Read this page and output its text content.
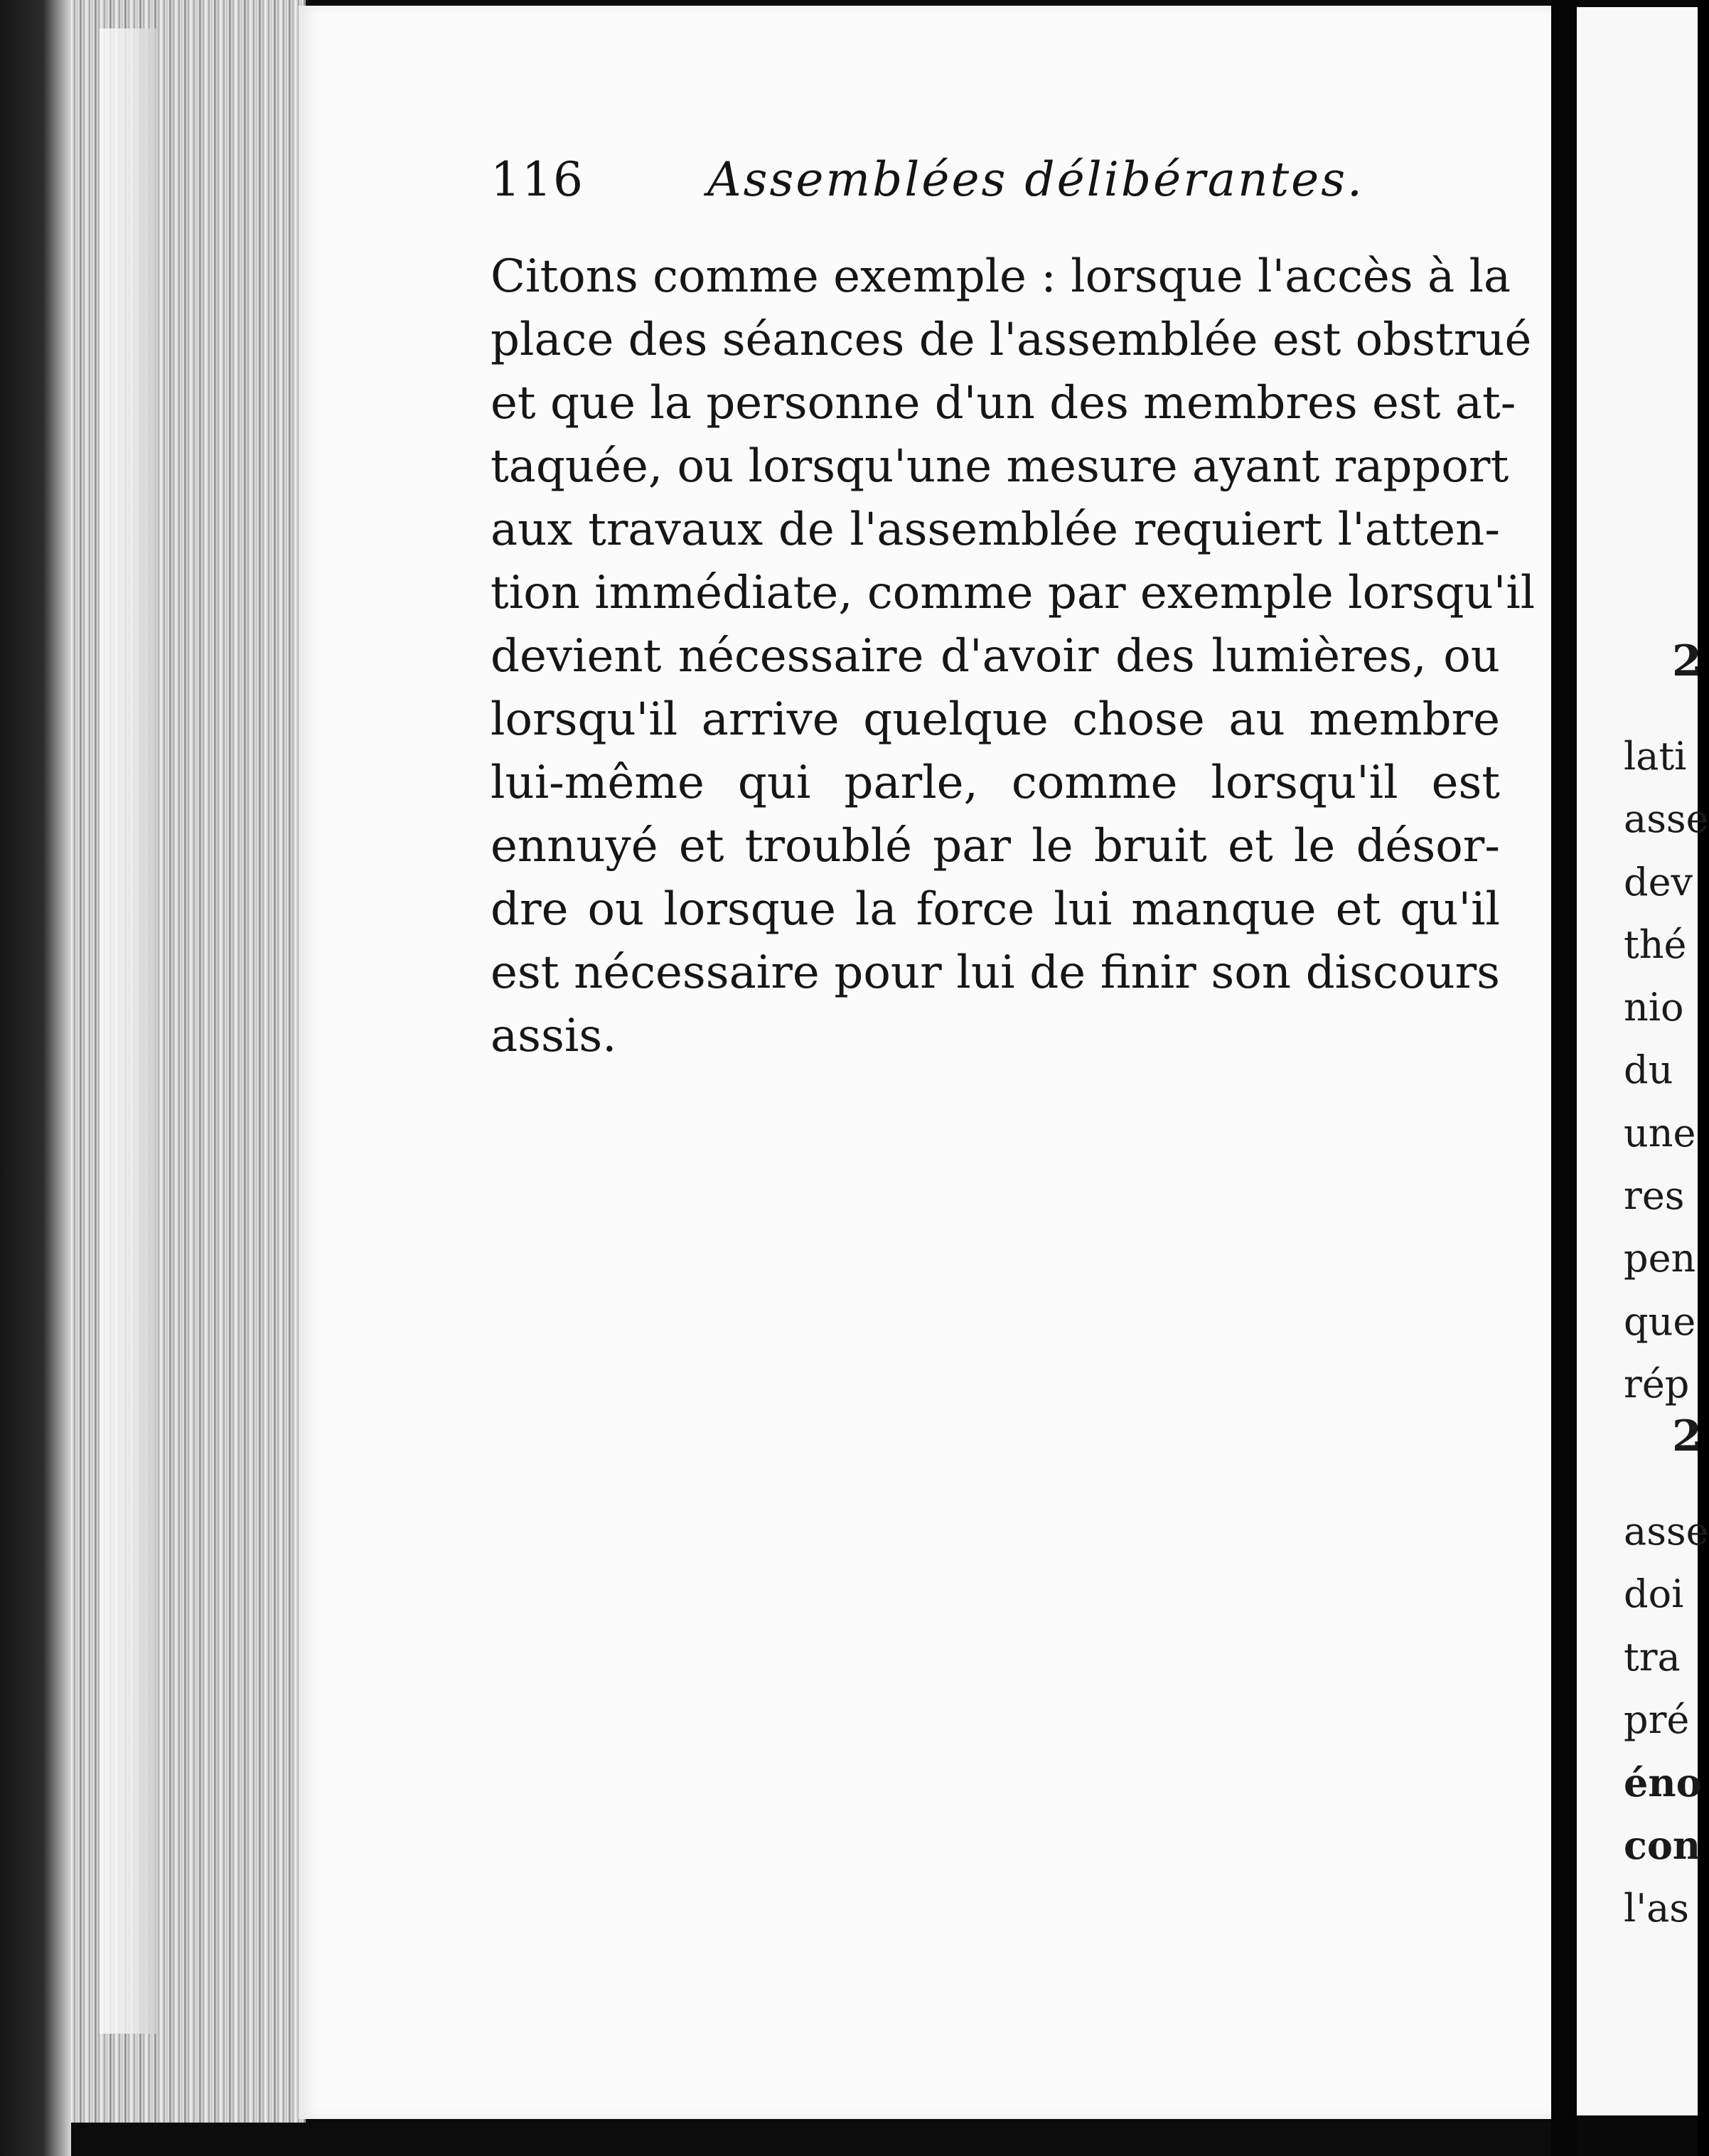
116	Assemblées délibérantes.
Citons comme exemple : lorsque l'accès à la
place des séances de l'assemblée est obstrué
et que la personne d'un des membres est at-
taquée, ou lorsqu'une mesure ayant rapport
aux travaux de l'assemblée requiert l'atten-
tion immédiate, comme par exemple lorsqu'il
devient nécessaire d'avoir des lumières, ou
lorsqu'il arrive quelque chose au membre
lui-même qui parle, comme lorsqu'il est
ennuyé et troublé par le bruit et le désor-
dre ou lorsque la force lui manque et qu'il
est nécessaire pour lui de finir son discours
assis.
2
lati
asse
dev
thé
nio
du
une
res
pen
que
rép
2
asse
doi
tra
pré
éno
con
l'as
